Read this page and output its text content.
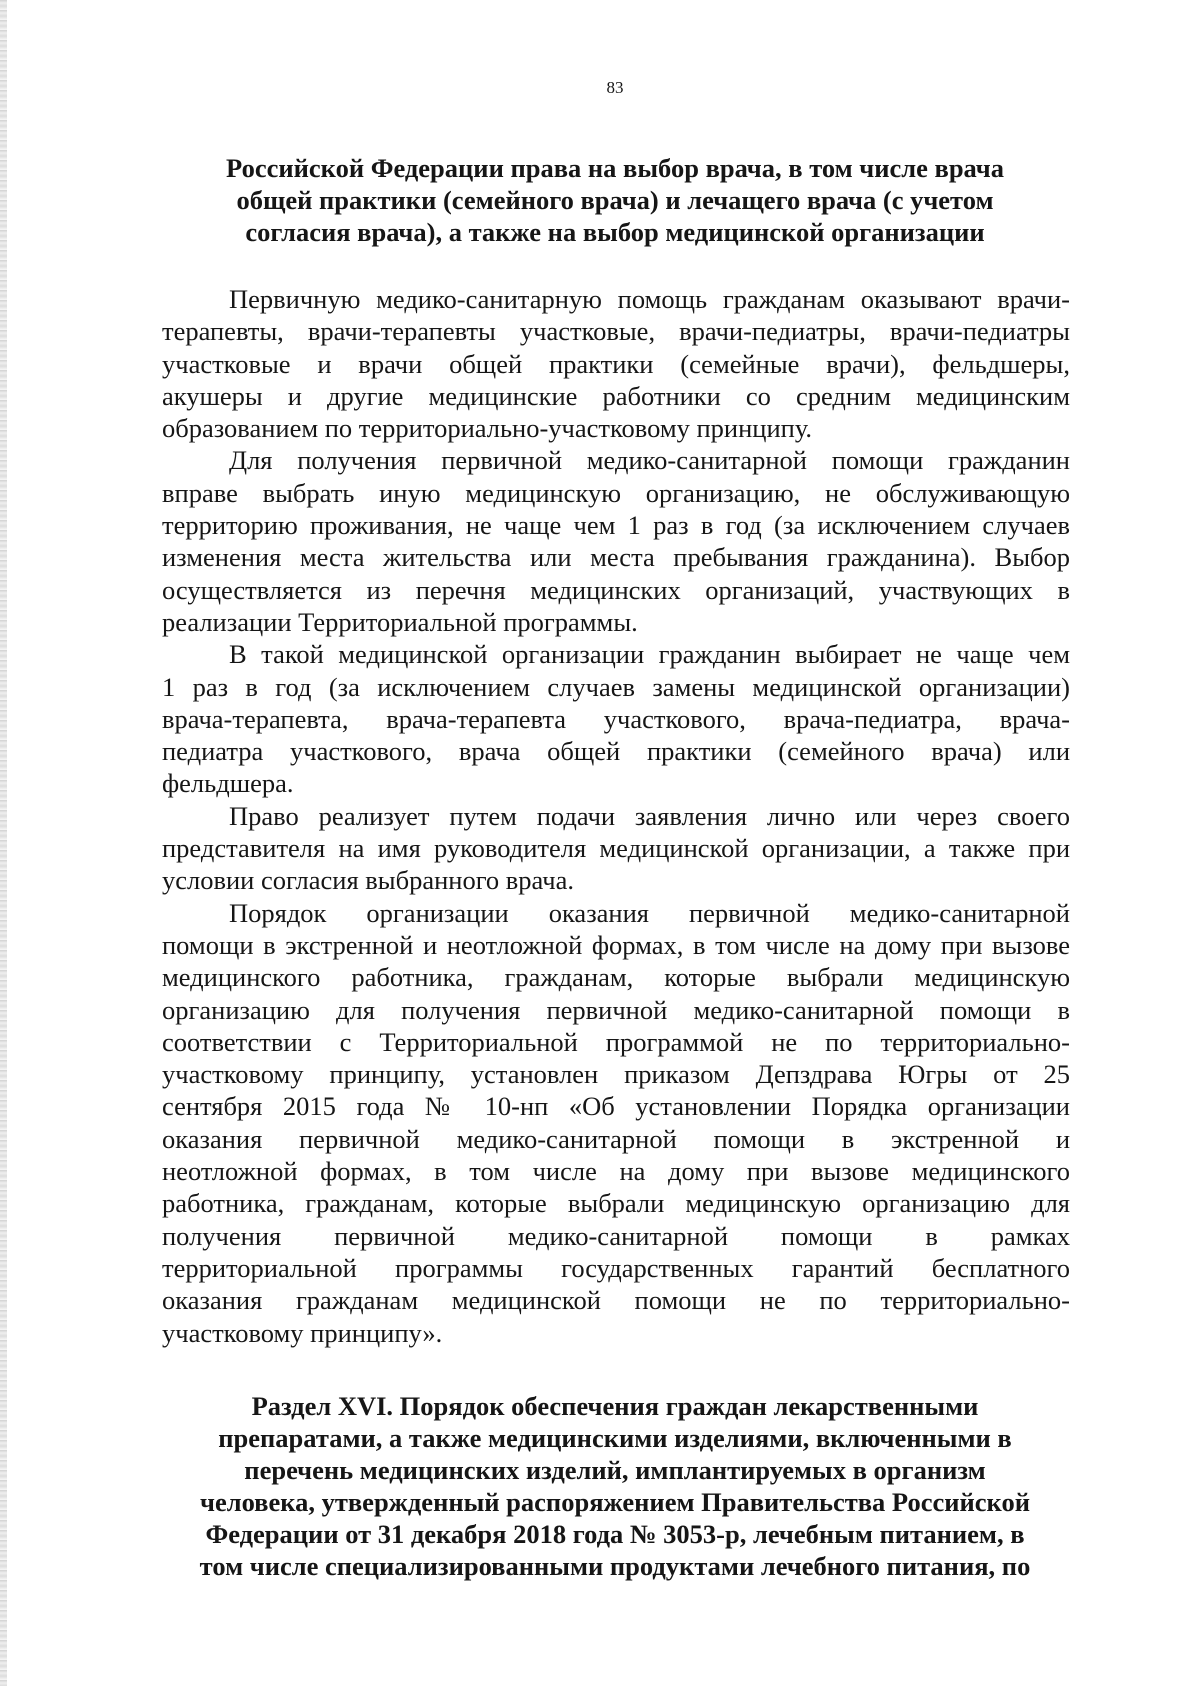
83
Российской Федерации права на выбор врача, в том числе врача
общей практики (семейного врача) и лечащего врача (с учетом
согласия врача), а также на выбор медицинской организации

Первичную медико-санитарную помощь гражданам оказывают врачи-
терапевты, врачи-терапевты участковые, врачи-педиатры, врачи-педиатры
участковые и врачи общей практики (семейные врачи), фельдшеры,
акушеры и другие медицинские работники со средним медицинским
образованием по территориально-участковому принципу.

Для получения первичной медико-санитарной помощи гражданин
вправе выбрать иную медицинскую организацию, не обслуживающую
территорию проживания, не чаще чем 1 раз в год (за исключением случаев
изменения места жительства или места пребывания гражданина). Выбор
осуществляется из перечня медицинских организаций, участвующих в
реализации Территориальной программы.

В такой медицинской организации гражданин выбирает не чаще чем
1 раз в год (за исключением случаев замены медицинской организации)
врача-терапевта, врача-терапевта участкового, врача-педиатра, врача-
педиатра участкового, врача общей практики (семейного врача) или
фельдшера.

Право реализует путем подачи заявления лично или через своего
представителя на имя руководителя медицинской организации, а также при
условии согласия выбранного врача.

Порядок организации оказания первичной медико-санитарной
помощи в экстренной и неотложной формах, в том числе на дому при вызове
медицинского работника, гражданам, которые выбрали медицинскую
организацию для получения первичной медико-санитарной помощи в
соответствии с Территориальной программой не по территориально-
участковому принципу, установлен приказом Депздрава Югры от 25
сентября 2015 года № 10-нп «Об установлении Порядка организации
оказания первичной медико-санитарной помощи в экстренной и
неотложной формах, в том числе на дому при вызове медицинского
работника, гражданам, которые выбрали медицинскую организацию для
получения первичной медико-санитарной помощи в рамках
территориальной программы государственных гарантий бесплатного
оказания гражданам медицинской помощи не по территориально-
участковому принципу».

Раздел XVI. Порядок обеспечения граждан лекарственными
препаратами, а также медицинскими изделиями, включенными в
перечень медицинских изделий, имплантируемых в организм
человека, утвержденный распоряжением Правительства Российской
Федерации от 31 декабря 2018 года № 3053-р, лечебным питанием, в
том числе специализированными продуктами лечебного питания, по
